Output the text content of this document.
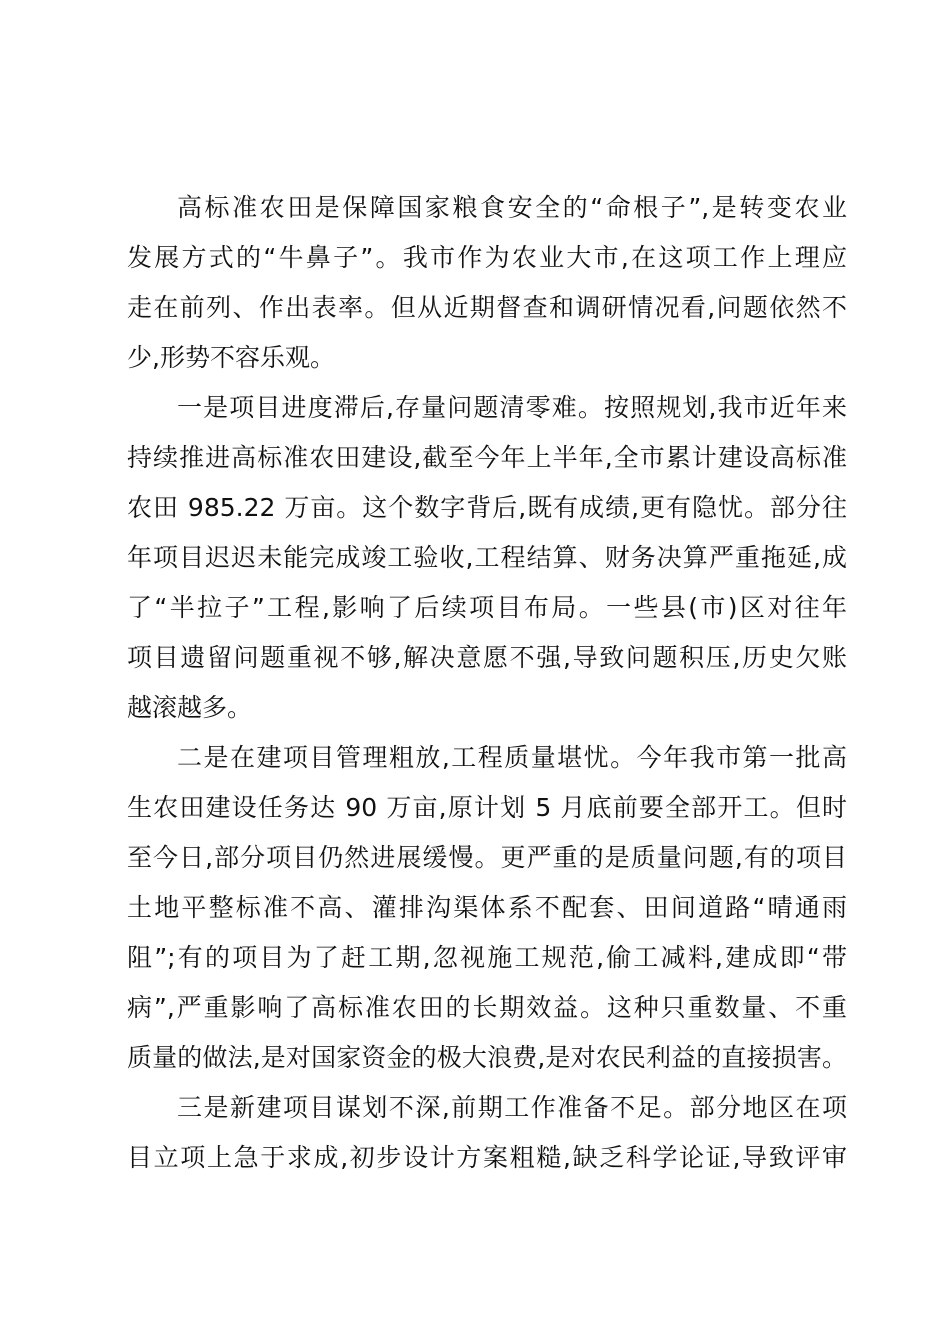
高标准农田是保障国家粮食安全的“命根子”,是转变农业
发展方式的“牛鼻子”。我市作为农业大市,在这项工作上理应
走在前列、作出表率。但从近期督查和调研情况看,问题依然不
少,形势不容乐观。
一是项目进度滞后,存量问题清零难。按照规划,我市近年来
持续推进高标准农田建设,截至今年上半年,全市累计建设高标准
农田 985.22 万亩。这个数字背后,既有成绩,更有隐忧。部分往
年项目迟迟未能完成竣工验收,工程结算、财务决算严重拖延,成
了“半拉子”工程,影响了后续项目布局。一些县(市)区对往年
项目遗留问题重视不够,解决意愿不强,导致问题积压,历史欠账
越滚越多。
二是在建项目管理粗放,工程质量堪忧。今年我市第一批高
生农田建设任务达 90 万亩,原计划 5 月底前要全部开工。但时
至今日,部分项目仍然进展缓慢。更严重的是质量问题,有的项目
土地平整标准不高、灌排沟渠体系不配套、田间道路“晴通雨
阻”;有的项目为了赶工期,忽视施工规范,偷工减料,建成即“带
病”,严重影响了高标准农田的长期效益。这种只重数量、不重
质量的做法,是对国家资金的极大浪费,是对农民利益的直接损害。
三是新建项目谋划不深,前期工作准备不足。部分地区在项
目立项上急于求成,初步设计方案粗糙,缺乏科学论证,导致评审
